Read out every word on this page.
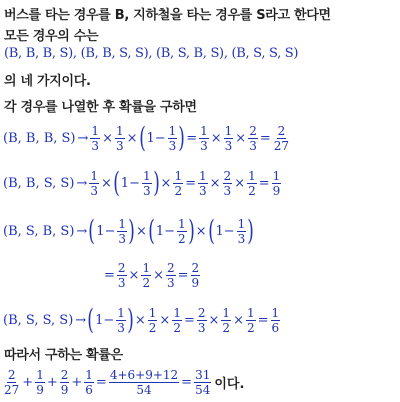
버스를 타는 경우를 B, 지하철을 타는 경우를 S라고 한다면
모든 경우의 수는
(B, B, B, S), (B, B, S, S), (B, S, B, S), (B, S, S, S)
의 네 가지이다.
각 경우를 나열한 후 확률을 구하면
(B, B, B, $S) \to \frac{1}{3} \times \frac{1}{3}$ × ( $1- \frac{1}{3}$ ) = $\frac{1}{3} \times \frac{1}{3} \times \frac{2}{3} = \frac{2}{27}$
(B, B, S, $S) \to \frac{1}{3}$ × ( $1- \frac{1}{3}$ ) × $\frac{1}{2} = \frac{1}{3} \times \frac{2}{3} \times \frac{1}{2} = \frac{1}{9}$
(B, S, B, S) → ( $1- \frac{1}{3}$ ) × ( $1- \frac{1}{2}$ ) × ( $1- \frac{1}{3}$ )
= $\frac{2}{3} \times \frac{1}{2} \times \frac{2}{3} = \frac{2}{9}$
(B, S, S, S) → ( $1- \frac{1}{3}$ ) × $\frac{1}{2} \times \frac{1}{2} = \frac{2}{3} \times \frac{1}{2} \times \frac{1}{2} = \frac{1}{6}$
따라서 구하는 확률은
$\frac{2}{27} + \frac{1}{9} + \frac{2}{9} + \frac{1}{6} = \frac{4+6+9+12}{54} = \frac{31}{54}$ 이다.
